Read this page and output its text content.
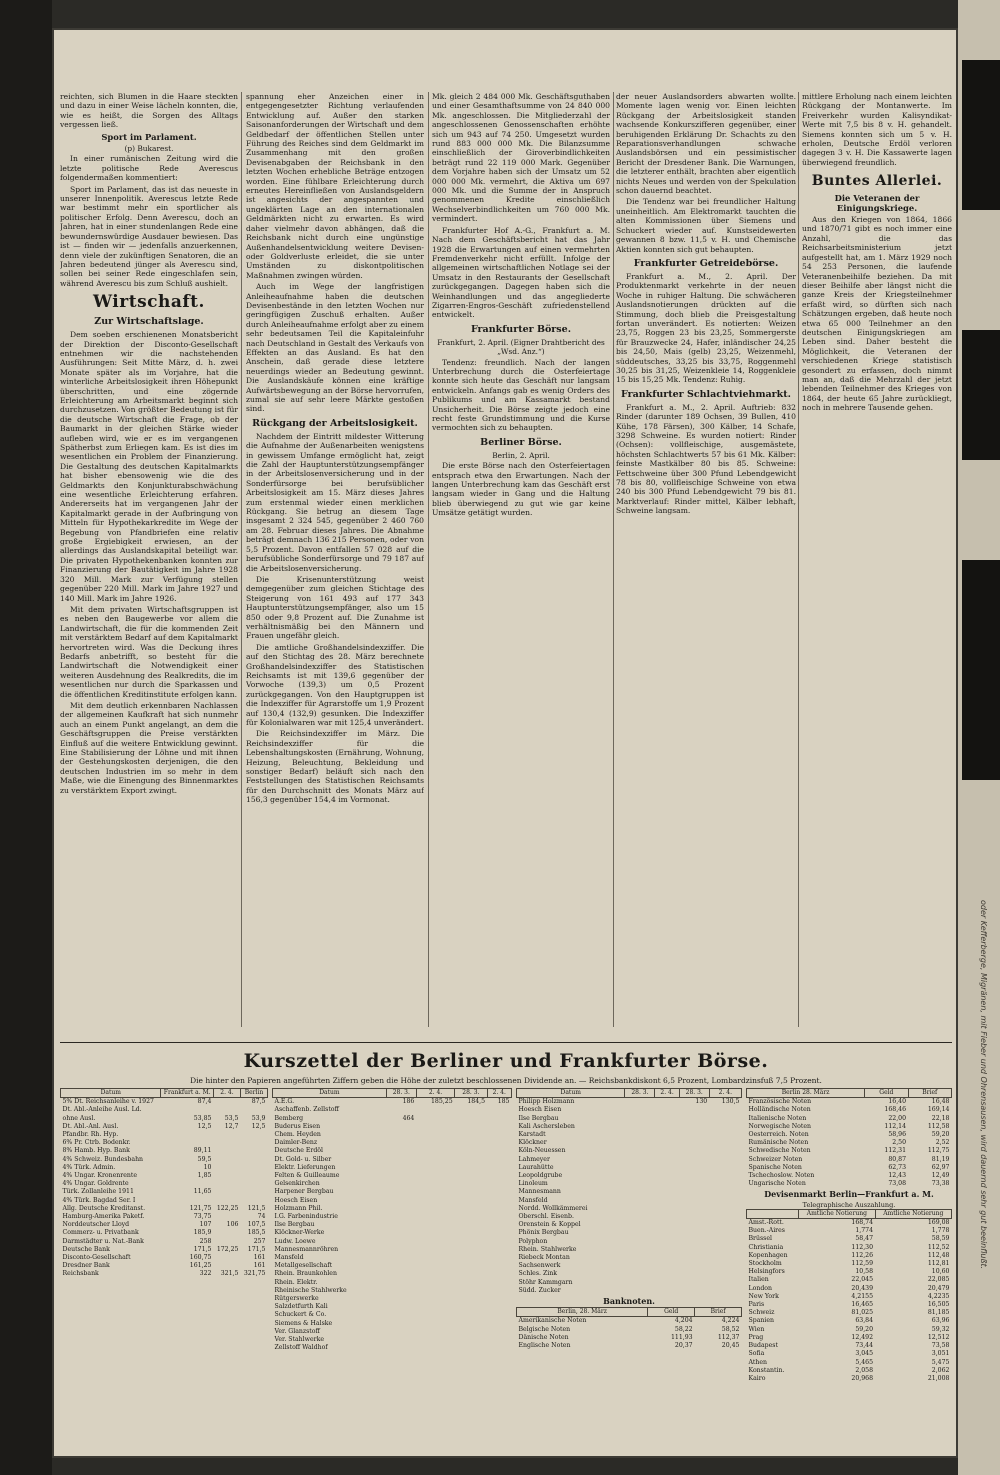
oder Kefferberge, Migränen, mit Fieber und Ohrensausen, wird dauernd sehr gut beeinflußt.

reichten, sich Blumen in die Haare steckten und dazu in einer Weise lächeln konnten, die, wie es heißt, die Sorgen des Alltags vergessen ließ.

Sport im Parlament.
(p) Bukarest.

In einer rumänischen Zeitung wird die letzte politische Rede Averescus folgendermaßen kommentiert:

Sport im Parlament, das ist das neueste in unserer Innenpolitik. Averescus letzte Rede war bestimmt mehr ein sportlicher als politischer Erfolg. Denn Averescu, doch an Jahren, hat in einer stundenlangen Rede eine bewundernswürdige Ausdauer bewiesen. Das ist — finden wir — jedenfalls anzuerkennen, denn viele der zukünftigen Senatoren, die an Jahren bedeutend jünger als Averescu sind, sollen bei seiner Rede eingeschlafen sein, während Averescu bis zum Schluß aushielt.

Wirtschaft.
Zur Wirtschaftslage.

Dem soeben erschienenen Monatsbericht der Direktion der Disconto-Gesellschaft entnehmen wir die nachstehenden Ausführungen: Seit Mitte März, d. h. zwei Monate später als im Vorjahre, hat die winterliche Arbeitslosigkeit ihren Höhepunkt überschritten, und eine zögernde Erleichterung am Arbeitsmarkt beginnt sich durchzusetzen. Von größter Bedeutung ist für die deutsche Wirtschaft die Frage, ob der Baumarkt in der gleichen Stärke wieder aufleben wird, wie er es im vergangenen Spätherbst zum Erliegen kam. Es ist dies im wesentlichen ein Problem der Finanzierung. Die Gestaltung des deutschen Kapitalmarkts hat bisher ebensowenig wie die des Geldmarkts den Konjunkturabschwächung eine wesentliche Erleichterung erfahren. Andererseits hat im vergangenen Jahr der Kapitalmarkt gerade in der Aufbringung von Mitteln für Hypothekarkredite im Wege der Begebung von Pfandbriefen eine relativ große Ergiebigkeit erwiesen, an der allerdings das Auslandskapital beteiligt war. Die privaten Hypothekenbanken konnten zur Finanzierung der Bautätigkeit im Jahre 1928 320 Mill. Mark zur Verfügung stellen gegenüber 220 Mill. Mark im Jahre 1927 und 140 Mill. Mark im Jahre 1926.

Mit dem privaten Wirtschaftsgruppen ist es neben den Baugewerbe vor allem die Landwirtschaft, die für die kommenden Zeit mit verstärktem Bedarf auf dem Kapitalmarkt hervortreten wird. Was die Deckung ihres Bedarfs anbetrifft, so besteht für die Landwirtschaft die Notwendigkeit einer weiteren Ausdehnung des Realkredits, die im wesentlichen nur durch die Sparkassen und die öffentlichen Kreditinstitute erfolgen kann.

Mit dem deutlich erkennbaren Nachlassen der allgemeinen Kaufkraft hat sich nunmehr auch an einem Punkt angelangt, an dem die Geschäftsgruppen die Preise verstärkten Einfluß auf die weitere Entwicklung gewinnt. Eine Stabilisierung der Löhne und mit ihnen der Gestehungskosten derjenigen, die den deutschen Industrien im so mehr in dem Maße, wie die Einengung des Binnenmarktes zu verstärktem Export zwingt.

spannung eher Anzeichen einer in entgegengesetzter Richtung verlaufenden Entwicklung auf. Außer den starken Saisonanforderungen der Wirtschaft und dem Geldbedarf der öffentlichen Stellen unter Führung des Reiches sind dem Geldmarkt im Zusammenhang mit den großen Devisenabgaben der Reichsbank in den letzten Wochen erhebliche Beträge entzogen worden. Eine fühlbare Erleichterung durch erneutes Hereinfließen von Auslandsgeldern ist angesichts der angespannten und ungeklärten Lage an den internationalen Geldmärkten nicht zu erwarten. Es wird daher vielmehr davon abhängen, daß die Reichsbank nicht durch eine ungünstige Außenhandelsentwicklung weitere Devisen- oder Goldverluste erleidet, die sie unter Umständen zu diskontpolitischen Maßnahmen zwingen würden.

Auch im Wege der langfristigen Anleiheaufnahme haben die deutschen Devisenbestände in den letzten Wochen nur geringfügigen Zuschuß erhalten. Außer durch Anleiheaufnahme erfolgt aber zu einem sehr bedeutsamen Teil die Kapitaleinfuhr nach Deutschland in Gestalt des Verkaufs von Effekten an das Ausland. Es hat den Anschein, daß gerade diese letztere neuerdings wieder an Bedeutung gewinnt. Die Auslandskäufe können eine kräftige Aufwärtsbewegung an der Börse hervorrufen, zumal sie auf sehr leere Märkte gestoßen sind.

Rückgang der Arbeitslosigkeit.

Nachdem der Eintritt mildester Witterung die Aufnahme der Außenarbeiten wenigstens in gewissem Umfange ermöglicht hat, zeigt die Zahl der Hauptunterstützungsempfänger in der Arbeitslosenversicherung und in der Sonderfürsorge bei berufsüblicher Arbeitslosigkeit am 15. März dieses Jahres zum erstenmal wieder einen merklichen Rückgang. Sie betrug an diesem Tage insgesamt 2 324 545, gegenüber 2 460 760 am 28. Februar dieses Jahres. Die Abnahme beträgt demnach 136 215 Personen, oder von 5,5 Prozent. Davon entfallen 57 028 auf die berufsübliche Sonderfürsorge und 79 187 auf die Arbeitslosenversicherung.

Die Krisenunterstützung weist demgegenüber zum gleichen Stichtage des Steigerung von 161 493 auf 177 343 Hauptunterstützungsempfänger, also um 15 850 oder 9,8 Prozent auf. Die Zunahme ist verhältnismäßig bei den Männern und Frauen ungefähr gleich.

Die amtliche Großhandelsindexziffer. Die auf den Stichtag des 28. März berechnete Großhandelsindexziffer des Statistischen Reichsamts ist mit 139,6 gegenüber der Vorwoche (139,3) um 0,5 Prozent zurückgegangen. Von den Hauptgruppen ist die Indexziffer für Agrarstoffe um 1,9 Prozent auf 130,4 (132,9) gesunken. Die Indexziffer für Kolonialwaren war mit 125,4 unverändert.

Die Reichsindexziffer im März. Die Reichsindexziffer für die Lebenshaltungskosten (Ernährung, Wohnung, Heizung, Beleuchtung, Bekleidung und sonstiger Bedarf) beläuft sich nach den Feststellungen des Statistischen Reichsamts für den Durchschnitt des Monats März auf 156,3 gegenüber 154,4 im Vormonat.

Mk. gleich 2 484 000 Mk. Geschäftsguthaben und einer Gesamthaftsumme von 24 840 000 Mk. angeschlossen. Die Mitgliederzahl der angeschlossenen Genossenschaften erhöhte sich um 943 auf 74 250. Umgesetzt wurden rund 883 000 000 Mk. Die Bilanzsumme einschließlich der Giroverbindlichkeiten beträgt rund 22 119 000 Mark. Gegenüber dem Vorjahre haben sich der Umsatz um 52 000 000 Mk. vermehrt, die Aktiva um 697 000 Mk. und die Summe der in Anspruch genommenen Kredite einschließlich Wechselverbindlichkeiten um 760 000 Mk. vermindert.

Frankfurter Hof A.-G., Frankfurt a. M. Nach dem Geschäftsbericht hat das Jahr 1928 die Erwartungen auf einen vermehrten Fremdenverkehr nicht erfüllt. Infolge der allgemeinen wirtschaftlichen Notlage sei der Umsatz in den Restaurants der Gesellschaft zurückgegangen. Dagegen haben sich die Weinhandlungen und das angegliederte Zigarren-Engros-Geschäft zufriedenstellend entwickelt.

Frankfurter Börse.
Frankfurt, 2. April. (Eigner Drahtbericht des „Wsd. Anz.“)

Tendenz: freundlich. Nach der langen Unterbrechung durch die Osterfeiertage konnte sich heute das Geschäft nur langsam entwickeln. Anfangs gab es wenig Orders des Publikums und am Kassamarkt bestand Unsicherheit. Die Börse zeigte jedoch eine recht feste Grundstimmung und die Kurse vermochten sich zu behaupten.

Berliner Börse.
Berlin, 2. April.

Die erste Börse nach den Osterfeiertagen entsprach etwa den Erwartungen. Nach der langen Unterbrechung kam das Geschäft erst langsam wieder in Gang und die Haltung blieb überwiegend zu gut wie gar keine Umsätze getätigt wurden.

der neuer Auslandsorders abwarten wollte. Momente lagen wenig vor. Einen leichten Rückgang der Arbeitslosigkeit standen wachsende Konkurszifferen gegenüber, einer beruhigenden Erklärung Dr. Schachts zu den Reparationsverhandlungen schwache Auslandsbörsen und ein pessimistischer Bericht der Dresdener Bank. Die Warnungen, die letzterer enthält, brachten aber eigentlich nichts Neues und werden von der Spekulation schon dauernd beachtet.

Die Tendenz war bei freundlicher Haltung uneinheitlich. Am Elektromarkt tauchten die alten Kommissionen über Siemens und Schuckert wieder auf. Kunstseidewerten gewannen 8 bzw. 11,5 v. H. und Chemische Aktien konnten sich gut behaupten.

Frankfurter Getreidebörse.

Frankfurt a. M., 2. April. Der Produktenmarkt verkehrte in der neuen Woche in ruhiger Haltung. Die schwächeren Auslandsnotierungen drückten auf die Stimmung, doch blieb die Preisgestaltung fortan unverändert. Es notierten: Weizen 23,75, Roggen 23 bis 23,25, Sommergerste für Brauzwecke 24, Hafer, inländischer 24,25 bis 24,50, Mais (gelb) 23,25, Weizenmehl, süddeutsches, 33,25 bis 33,75, Roggenmehl 30,25 bis 31,25, Weizenkleie 14, Roggenkleie 15 bis 15,25 Mk. Tendenz: Ruhig.

Frankfurter Schlachtviehmarkt.

Frankfurt a. M., 2. April. Auftrieb: 832 Rinder (darunter 189 Ochsen, 39 Bullen, 410 Kühe, 178 Färsen), 300 Kälber, 14 Schafe, 3298 Schweine. Es wurden notiert: Rinder (Ochsen): vollfleischige, ausgemästete, höchsten Schlachtwerts 57 bis 61 Mk. Kälber: feinste Mastkälber 80 bis 85. Schweine: Fettschweine über 300 Pfund Lebendgewicht 78 bis 80, vollfleischige Schweine von etwa 240 bis 300 Pfund Lebendgewicht 79 bis 81. Marktverlauf: Rinder mittel, Kälber lebhaft, Schweine langsam.

mittlere Erholung nach einem leichten Rückgang der Montanwerte. Im Freiverkehr wurden Kalisyndikat-Werte mit 7,5 bis 8 v. H. gehandelt. Siemens konnten sich um 5 v. H. erholen, Deutsche Erdöl verloren dagegen 3 v. H. Die Kassawerte lagen überwiegend freundlich.

Buntes Allerlei.
Die Veteranen der Einigungskriege.

Aus den Kriegen von 1864, 1866 und 1870/71 gibt es noch immer eine Anzahl, die das Reichsarbeitsministerium jetzt aufgestellt hat, am 1. März 1929 noch 54 253 Personen, die laufende Veteranenbeihilfe beziehen. Da mit dieser Beihilfe aber längst nicht die ganze Kreis der Kriegsteilnehmer erfaßt wird, so dürften sich nach Schätzungen ergeben, daß heute noch etwa 65 000 Teilnehmer an den deutschen Einigungskriegen am Leben sind. Daher besteht die Möglichkeit, die Veteranen der verschiedenen Kriege statistisch gesondert zu erfassen, doch nimmt man an, daß die Mehrzahl der jetzt lebenden Teilnehmer des Krieges von 1864, der heute 65 Jahre zurückliegt, noch in mehrere Tausende gehen.

Kurszettel der Berliner und Frankfurter Börse.
Die hinter den Papieren angeführten Ziffern geben die Höhe der zuletzt beschlossenen Dividende an. — Reichsbankdiskont 6,5 Prozent, Lombardzinsfuß 7,5 Prozent.
Datum	Frankfurt a. M.	2. 4.	Berlin
5% Dt. Reichsanleihe v. 1927	87,4		87,5
Dt. Abl.-Anleihe Ausl. Ld.			
ohne Ausl.	53,85	53,5	53,9
Dt. Abl.-Anl. Ausl.	12,5	12,7	12,5
Pfandbr. Rh. Hyp.			
6% Pr. Ctrb. Bodenkr.			
8% Hamb. Hyp. Bank	89,11		
4% Schweiz. Bundesbahn	59,5		
4% Türk. Admin.	10		
4% Ungar. Kronenrente	1,85		
4% Ungar. Goldrente			
Türk. Zollanleihe 1911	11,65		
4% Türk. Bagdad Ser. I			
Allg. Deutsche Kreditanst.	121,75	122,25	121,5
Hamburg-Amerika Paketf.	73,75		74
Norddeutscher Lloyd	107	106	107,5
Commerz- u. Privatbank	185,9		185,5
Darmstädter u. Nat.-Bank	258		257
Deutsche Bank	171,5	172,25	171,5
Disconto-Gesellschaft	160,75		161
Dresdner Bank	161,25		161
Reichsbank	322	321,5	321,75
Datum	28. 3.	2. 4.	28. 3.	2. 4.
A.E.G.	186	185,25	184,5	185
Aschaffenb. Zellstoff				
Bemberg	464			
Buderus Eisen				
Chem. Heyden				
Daimler-Benz				
Deutsche Erdöl				
Dt. Gold- u. Silber				
Elektr. Lieferungen				
Felten & Guilleaume				
Gelsenkirchen				
Harpener Bergbau				
Hoesch Eisen				
Holzmann Phil.				
I.G. Farbenindustrie				
Ilse Bergbau				
Klöckner-Werke				
Ludw. Loewe				
Mannesmannröhren				
Mansfeld				
Metallgesellschaft				
Rhein. Braunkohlen				
Rhein. Elektr.				
Rheinische Stahlwerke				
Rütgerswerke				
Salzdetfurth Kali				
Schuckert & Co.				
Siemens & Halske				
Ver. Glanzstoff				
Ver. Stahlwerke				
Zellstoff Waldhof				
Datum	28. 3.	2. 4.	28. 3.	2. 4.
Philipp Holzmann			130	130,5
Hoesch Eisen				
Ilse Bergbau				
Kali Aschersleben				
Karstadt				
Klöckner				
Köln-Neuessen				
Lahmeyer				
Laurahütte				
Leopoldgrube				
Linoleum				
Mannesmann				
Mansfeld				
Nordd. Wollkämmerei				
Oberschl. Eisenb.				
Orenstein & Koppel				
Phönix Bergbau				
Polyphon				
Rhein. Stahlwerke				
Riebeck Montan				
Sachsenwerk				
Schles. Zink				
Stöhr Kammgarn				
Südd. Zucker				
Banknoten.
Berlin, 28. März	Geld	Brief
Amerikanische Noten	4,204	4,224
Belgische Noten	58,22	58,52
Dänische Noten	111,93	112,37
Englische Noten	20,37	20,45
Berlin 28. März	Geld	Brief
Französische Noten	16,40	16,48
Holländische Noten	168,46	169,14
Italienische Noten	22,00	22,18
Norwegische Noten	112,14	112,58
Oesterreich. Noten	58,96	59,20
Rumänische Noten	2,50	2,52
Schwedische Noten	112,31	112,75
Schweizer Noten	80,87	81,19
Spanische Noten	62,73	62,97
Tschechoslow. Noten	12,43	12,49
Ungarische Noten	73,08	73,38
Devisenmarkt Berlin—Frankfurt a. M.
Telegraphische Auszahlung.
	Amtliche Notierung	Amtliche Notierung
Amst.-Rott.	168,74	169,08
Buen.-Aires	1,774	1,778
Brüssel	58,47	58,59
Christiania	112,30	112,52
Kopenhagen	112,26	112,48
Stockholm	112,59	112,81
Helsingfors	10,58	10,60
Italien	22,045	22,085
London	20,439	20,479
New York	4,2155	4,2235
Paris	16,465	16,505
Schweiz	81,025	81,185
Spanien	63,84	63,96
Wien	59,20	59,32
Prag	12,492	12,512
Budapest	73,44	73,58
Sofia	3,045	3,051
Athen	5,465	5,475
Konstantin.	2,058	2,062
Kairo	20,968	21,008
